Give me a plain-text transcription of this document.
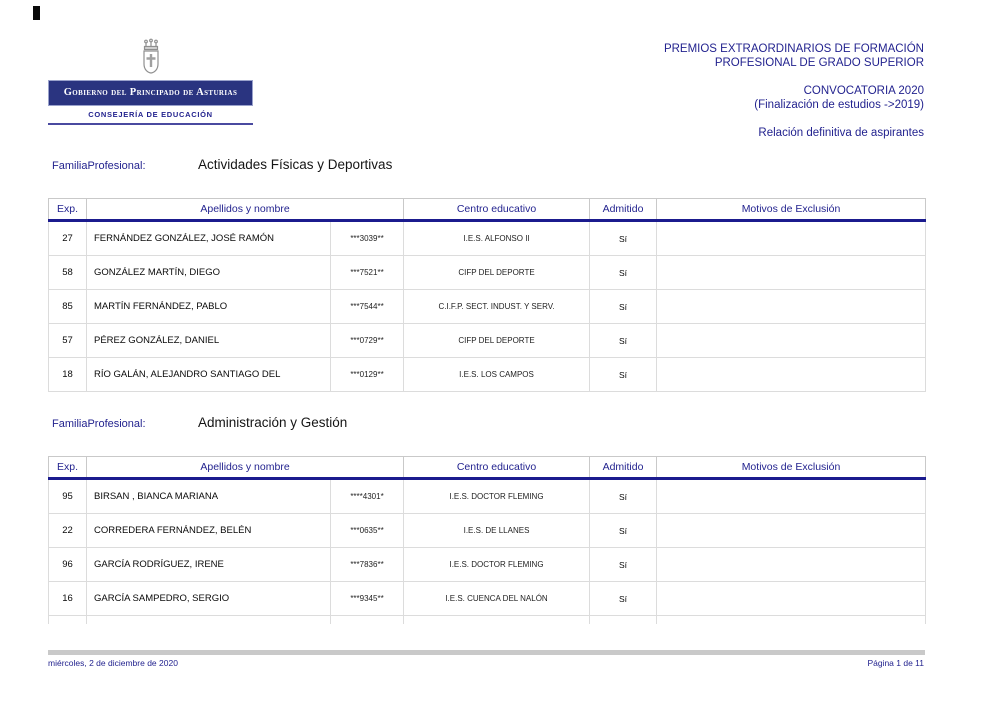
Gobierno del Principado de Asturias
CONSEJERÍA DE EDUCACIÓN
PREMIOS EXTRAORDINARIOS DE FORMACIÓN
PROFESIONAL DE GRADO SUPERIOR
CONVOCATORIA 2020
(Finalización de estudios ->2019)
Relación definitiva de aspirantes
FamiliaProfesional:	Actividades Físicas y Deportivas
Exp.	Apellidos y nombre		Centro educativo	Admitido	Motivos de Exclusión
27	FERNÁNDEZ GONZÁLEZ, JOSÉ RAMÓN	***3039**	I.E.S. ALFONSO II	Sí	
58	GONZÁLEZ MARTÍN, DIEGO	***7521**	CIFP DEL DEPORTE	Sí	
85	MARTÍN FERNÁNDEZ, PABLO	***7544**	C.I.F.P. SECT. INDUST. Y SERV.	Sí	
57	PÉREZ GONZÁLEZ, DANIEL	***0729**	CIFP DEL DEPORTE	Sí	
18	RÍO GALÁN, ALEJANDRO SANTIAGO DEL	***0129**	I.E.S. LOS CAMPOS	Sí	
FamiliaProfesional:	Administración y Gestión
Exp.	Apellidos y nombre		Centro educativo	Admitido	Motivos de Exclusión
95	BIRSAN , BIANCA MARIANA	****4301*	I.E.S. DOCTOR FLEMING	Sí	
22	CORREDERA FERNÁNDEZ, BELÉN	***0635**	I.E.S. DE LLANES	Sí	
96	GARCÍA RODRÍGUEZ, IRENE	***7836**	I.E.S. DOCTOR FLEMING	Sí	
16	GARCÍA SAMPEDRO, SERGIO	***9345**	I.E.S. CUENCA DEL NALÓN	Sí	

miércoles, 2 de diciembre de 2020	Página 1 de 11
